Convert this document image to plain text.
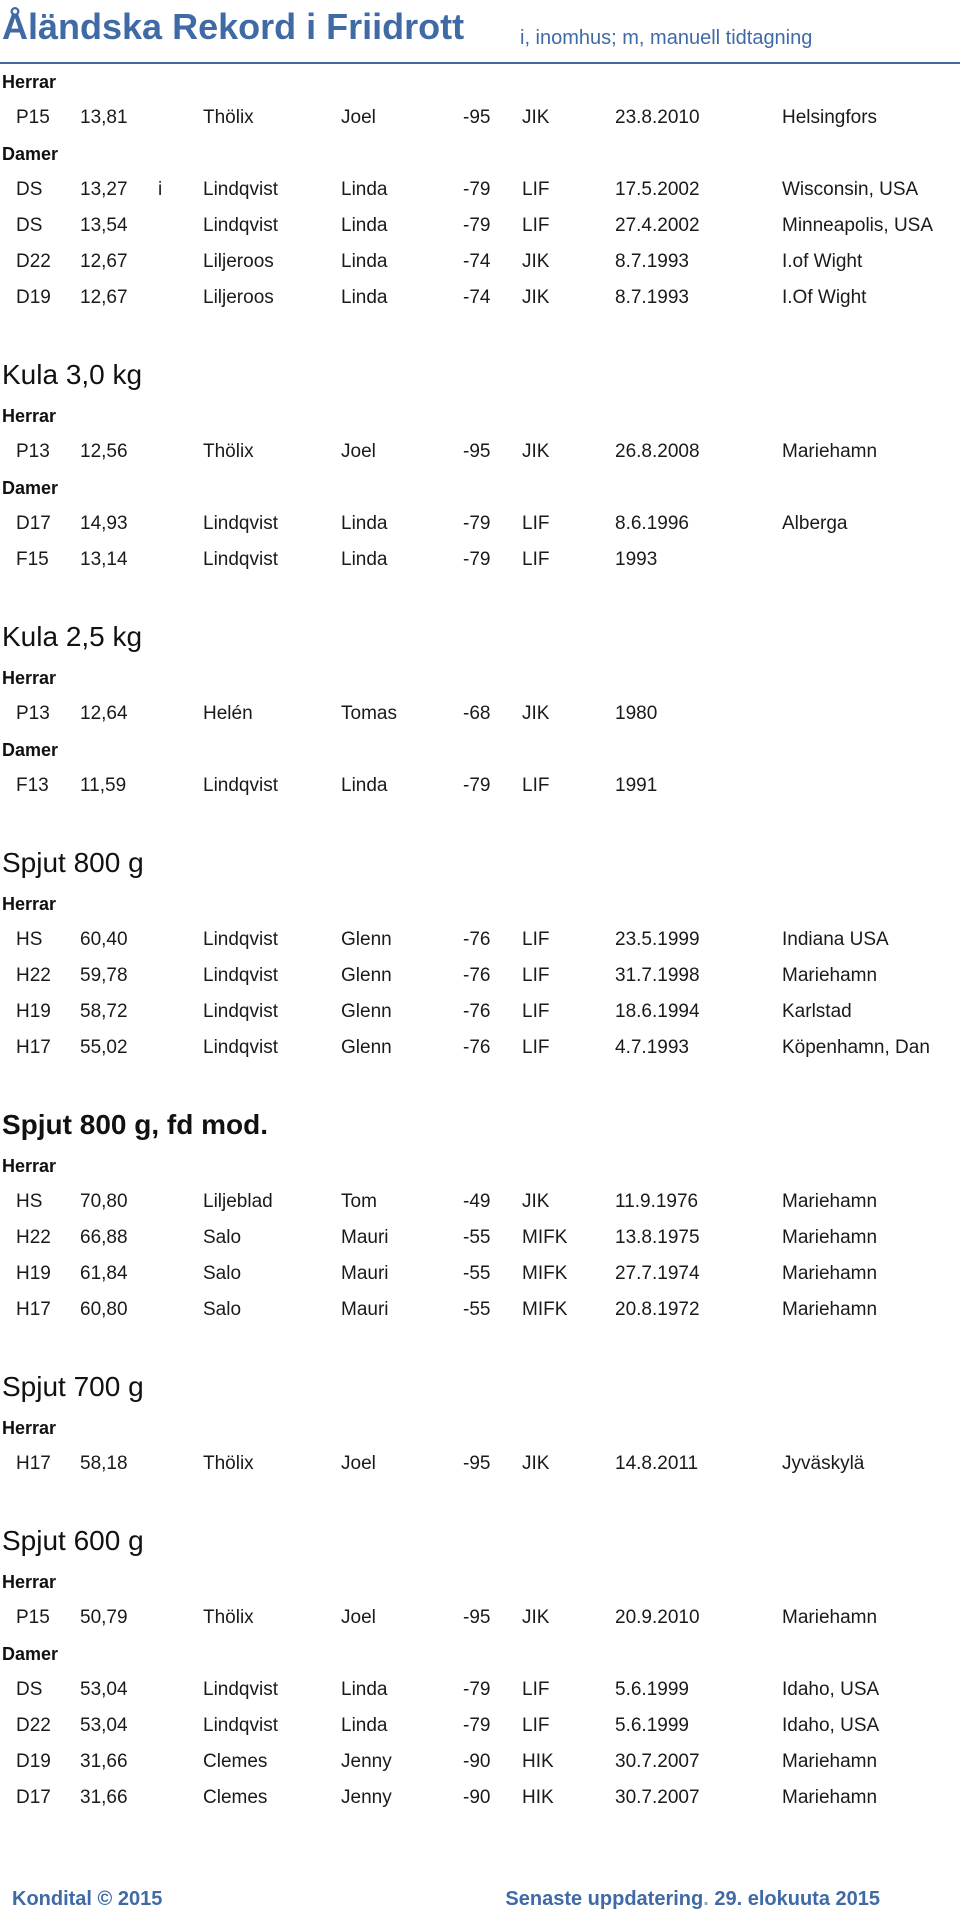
Åländska Rekord i Friidrott	i, inomhus; m, manuell tidtagning
Herrar
P15 13,81	Thölix	Joel	-95 JIK	23.8.2010	Helsingfors
Damer
DS 13,27 i Lindqvist	Linda	-79 LIF	17.5.2002	Wisconsin, USA
DS 13,54	Lindqvist	Linda	-79 LIF	27.4.2002	Minneapolis, USA
D22 12,67	Liljeroos	Linda	-74 JIK	8.7.1993	I.of Wight
D19 12,67	Liljeroos	Linda	-74 JIK	8.7.1993	I.Of Wight
Kula 3,0 kg
Herrar
P13 12,56	Thölix	Joel	-95 JIK	26.8.2008	Mariehamn
Damer
D17 14,93	Lindqvist	Linda	-79 LIF	8.6.1996	Alberga
F15 13,14	Lindqvist	Linda	-79 LIF	1993
Kula 2,5 kg
Herrar
P13 12,64	Helén	Tomas	-68 JIK	1980
Damer
F13 11,59	Lindqvist	Linda	-79 LIF	1991
Spjut 800 g
Herrar
HS 60,40	Lindqvist	Glenn	-76 LIF	23.5.1999	Indiana USA
H22 59,78	Lindqvist	Glenn	-76 LIF	31.7.1998	Mariehamn
H19 58,72	Lindqvist	Glenn	-76 LIF	18.6.1994	Karlstad
H17 55,02	Lindqvist	Glenn	-76 LIF	4.7.1993	Köpenhamn, Dan
Spjut 800 g, fd mod.
Herrar
HS 70,80	Liljeblad	Tom	-49 JIK	11.9.1976	Mariehamn
H22 66,88	Salo	Mauri	-55 MIFK	13.8.1975	Mariehamn
H19 61,84	Salo	Mauri	-55 MIFK	27.7.1974	Mariehamn
H17 60,80	Salo	Mauri	-55 MIFK	20.8.1972	Mariehamn
Spjut 700 g
Herrar
H17 58,18	Thölix	Joel	-95 JIK	14.8.2011	Jyväskylä
Spjut 600 g
Herrar
P15 50,79	Thölix	Joel	-95 JIK	20.9.2010	Mariehamn
Damer
DS 53,04	Lindqvist	Linda	-79 LIF	5.6.1999	Idaho, USA
D22 53,04	Lindqvist	Linda	-79 LIF	5.6.1999	Idaho, USA
D19 31,66	Clemes	Jenny	-90 HIK	30.7.2007	Mariehamn
D17 31,66	Clemes	Jenny	-90 HIK	30.7.2007	Mariehamn
Kondital © 2015	Senaste uppdatering. 29. elokuuta 2015
